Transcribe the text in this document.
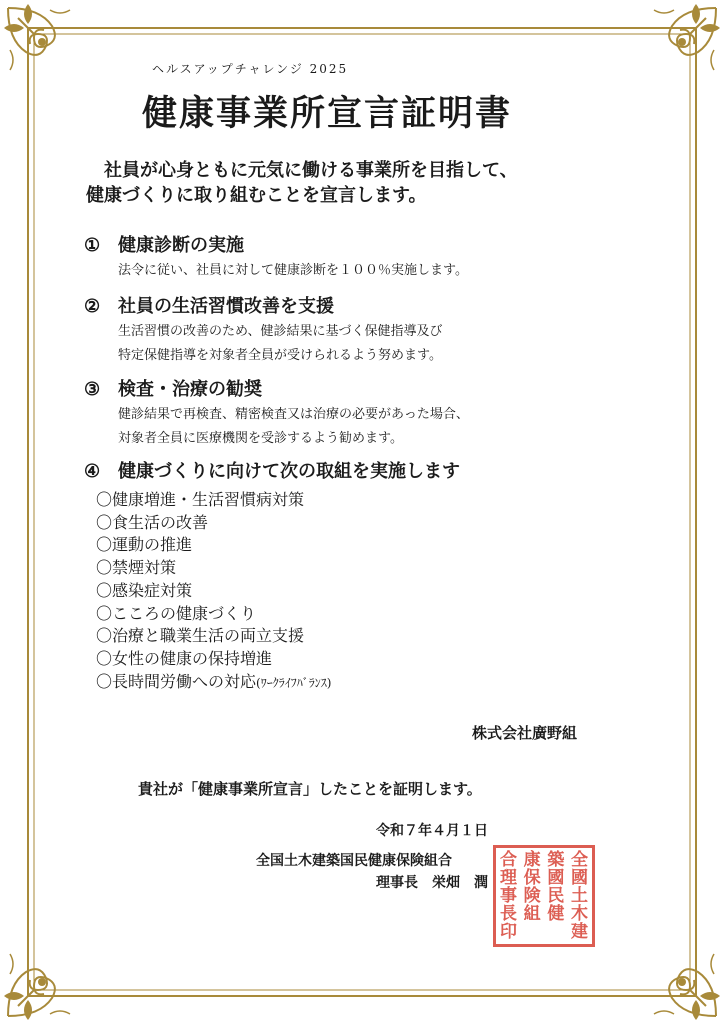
ヘルスアップチャレンジ 2025
健康事業所宣言証明書
社員が心身ともに元気に働ける事業所を目指して、
健康づくりに取り組むことを宣言します。
① 健康診断の実施
法令に従い、社員に対して健康診断を１００％実施します。
② 社員の生活習慣改善を支援
生活習慣の改善のため、健診結果に基づく保健指導及び
特定保健指導を対象者全員が受けられるよう努めます。
③ 検査・治療の勧奨
健診結果で再検査、精密検査又は治療の必要があった場合、
対象者全員に医療機関を受診するよう勧めます。
④ 健康づくりに向けて次の取組を実施します
〇健康増進・生活習慣病対策
〇食生活の改善
〇運動の推進
〇禁煙対策
〇感染症対策
〇こころの健康づくり
〇治療と職業生活の両立支援
〇女性の健康の保持増進
〇長時間労働への対応(ﾜｰｸﾗｲﾌﾊﾞﾗﾝｽ)
株式会社廣野組
貴社が「健康事業所宣言」したことを証明します。
令和７年４月１日
全国土木建築国民健康保険組合
理事長　栄畑　潤
全
國
土
木
建
築
國
民
健
康
保
険
組
合
理
事
長
印
